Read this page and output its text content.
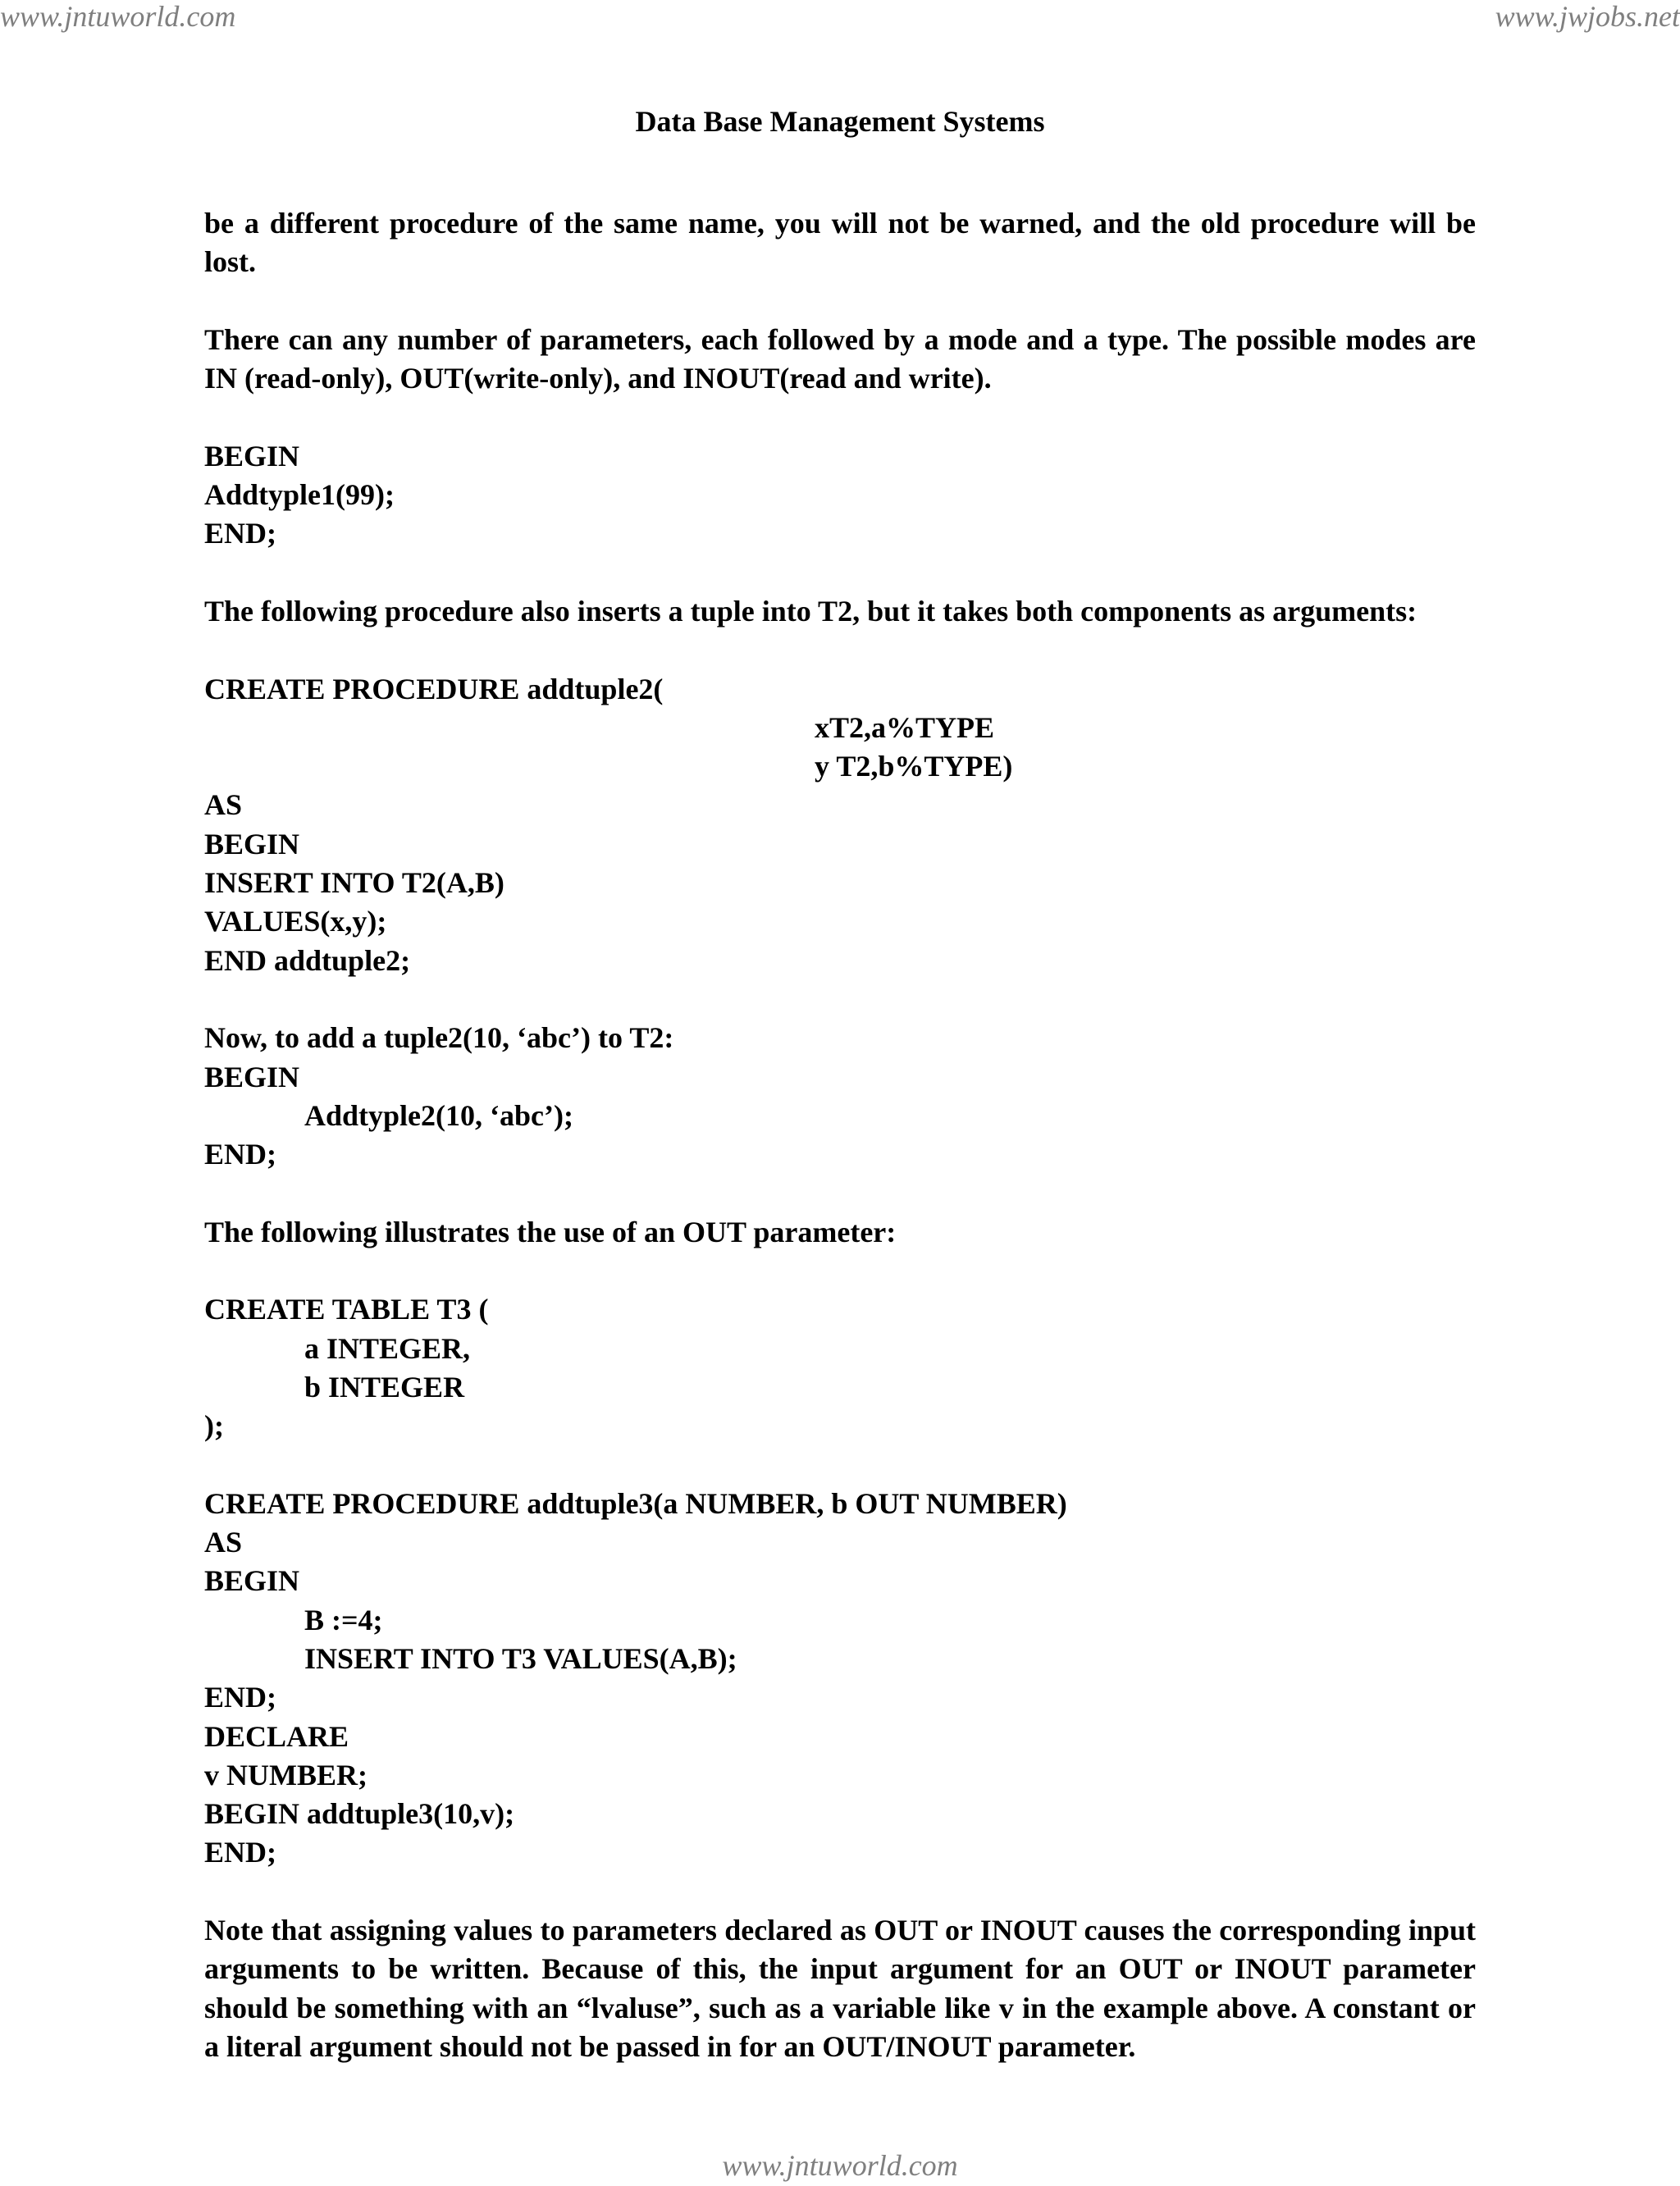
www.jntuworld.com	www.jwjobs.net
Data Base Management Systems

be a different procedure of the same name, you will not be warned, and the old procedure will be lost.

There can any number of parameters, each followed by a mode and a type. The possible modes are IN (read-only), OUT(write-only), and INOUT(read and write).

BEGIN
Addtyple1(99);
END;

The following procedure also inserts a tuple into T2, but it takes both components as arguments:

CREATE PROCEDURE addtuple2(
xT2,a%TYPE
y T2,b%TYPE)
AS
BEGIN
INSERT INTO T2(A,B)
VALUES(x,y);
END addtuple2;
Now, to add a tuple2(10, ‘abc’) to T2:
BEGIN
Addtyple2(10, ‘abc’);
END;

The following illustrates the use of an OUT parameter:

CREATE TABLE T3 (
a INTEGER,
b INTEGER
);
CREATE PROCEDURE addtuple3(a NUMBER, b OUT NUMBER)
AS
BEGIN
B :=4;
INSERT INTO T3 VALUES(A,B);
END;
DECLARE
v NUMBER;
BEGIN addtuple3(10,v);
END;

Note that assigning values to parameters declared as OUT or INOUT causes the corresponding input arguments to be written. Because of this, the input argument for an OUT or INOUT parameter should be something with an “lvaluse”, such as a variable like v in the example above. A constant or a literal argument should not be passed in for an OUT/INOUT parameter.

www.jntuworld.com
